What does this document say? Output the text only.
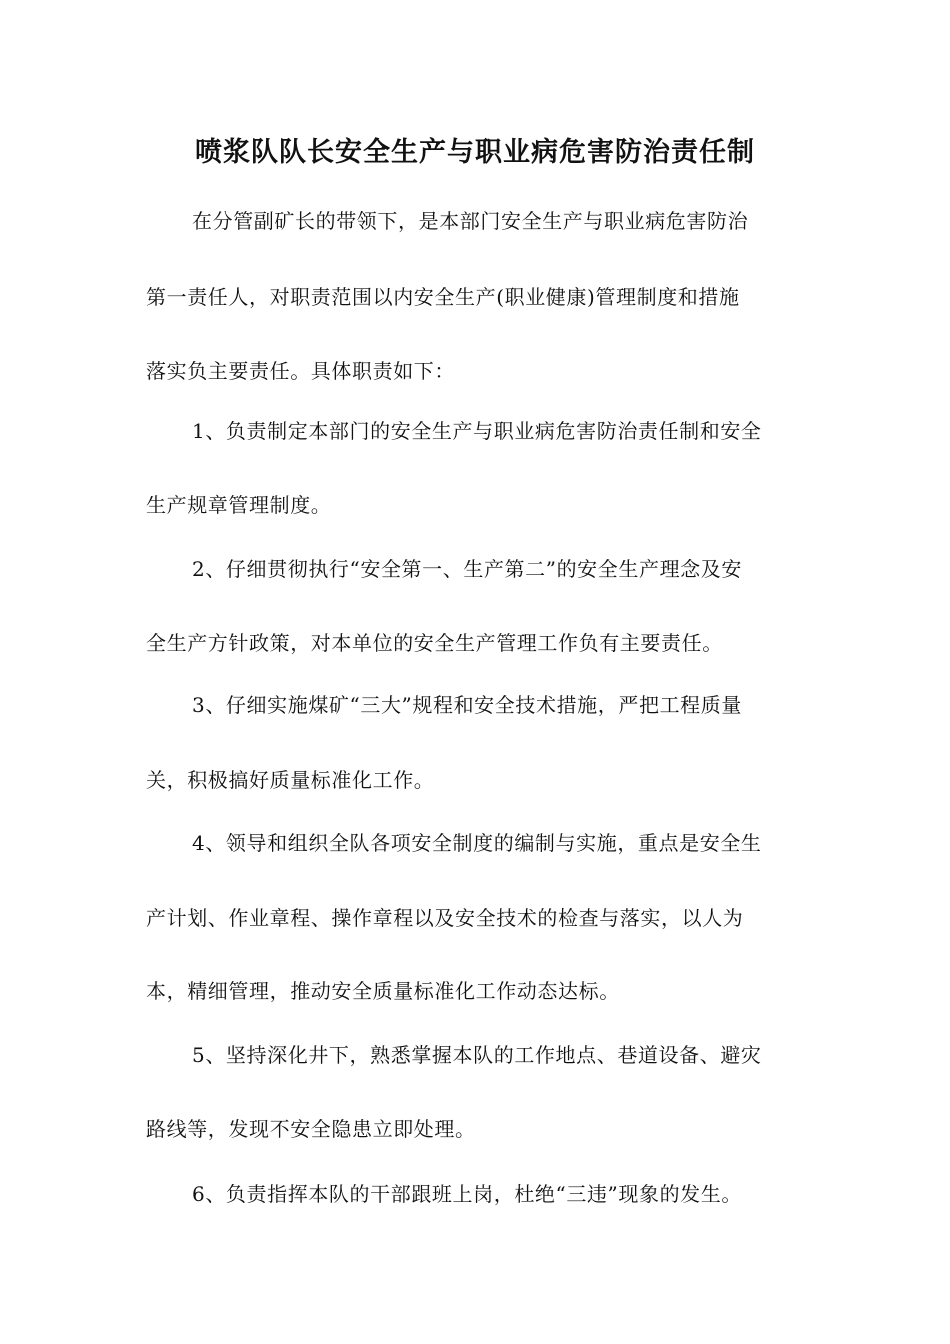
喷浆队队长安全生产与职业病危害防治责任制
在分管副矿长的带领下，是本部门安全生产与职业病危害防治
第一责任人，对职责范围以内安全生产(职业健康)管理制度和措施
落实负主要责任。具体职责如下：
1、负责制定本部门的安全生产与职业病危害防治责任制和安全
生产规章管理制度。
2、仔细贯彻执行“安全第一、生产第二”的安全生产理念及安
全生产方针政策，对本单位的安全生产管理工作负有主要责任。
3、仔细实施煤矿“三大”规程和安全技术措施，严把工程质量
关，积极搞好质量标准化工作。
4、领导和组织全队各项安全制度的编制与实施，重点是安全生
产计划、作业章程、操作章程以及安全技术的检查与落实，以人为
本，精细管理，推动安全质量标准化工作动态达标。
5、坚持深化井下，熟悉掌握本队的工作地点、巷道设备、避灾
路线等，发现不安全隐患立即处理。
6、负责指挥本队的干部跟班上岗，杜绝“三违”现象的发生。
